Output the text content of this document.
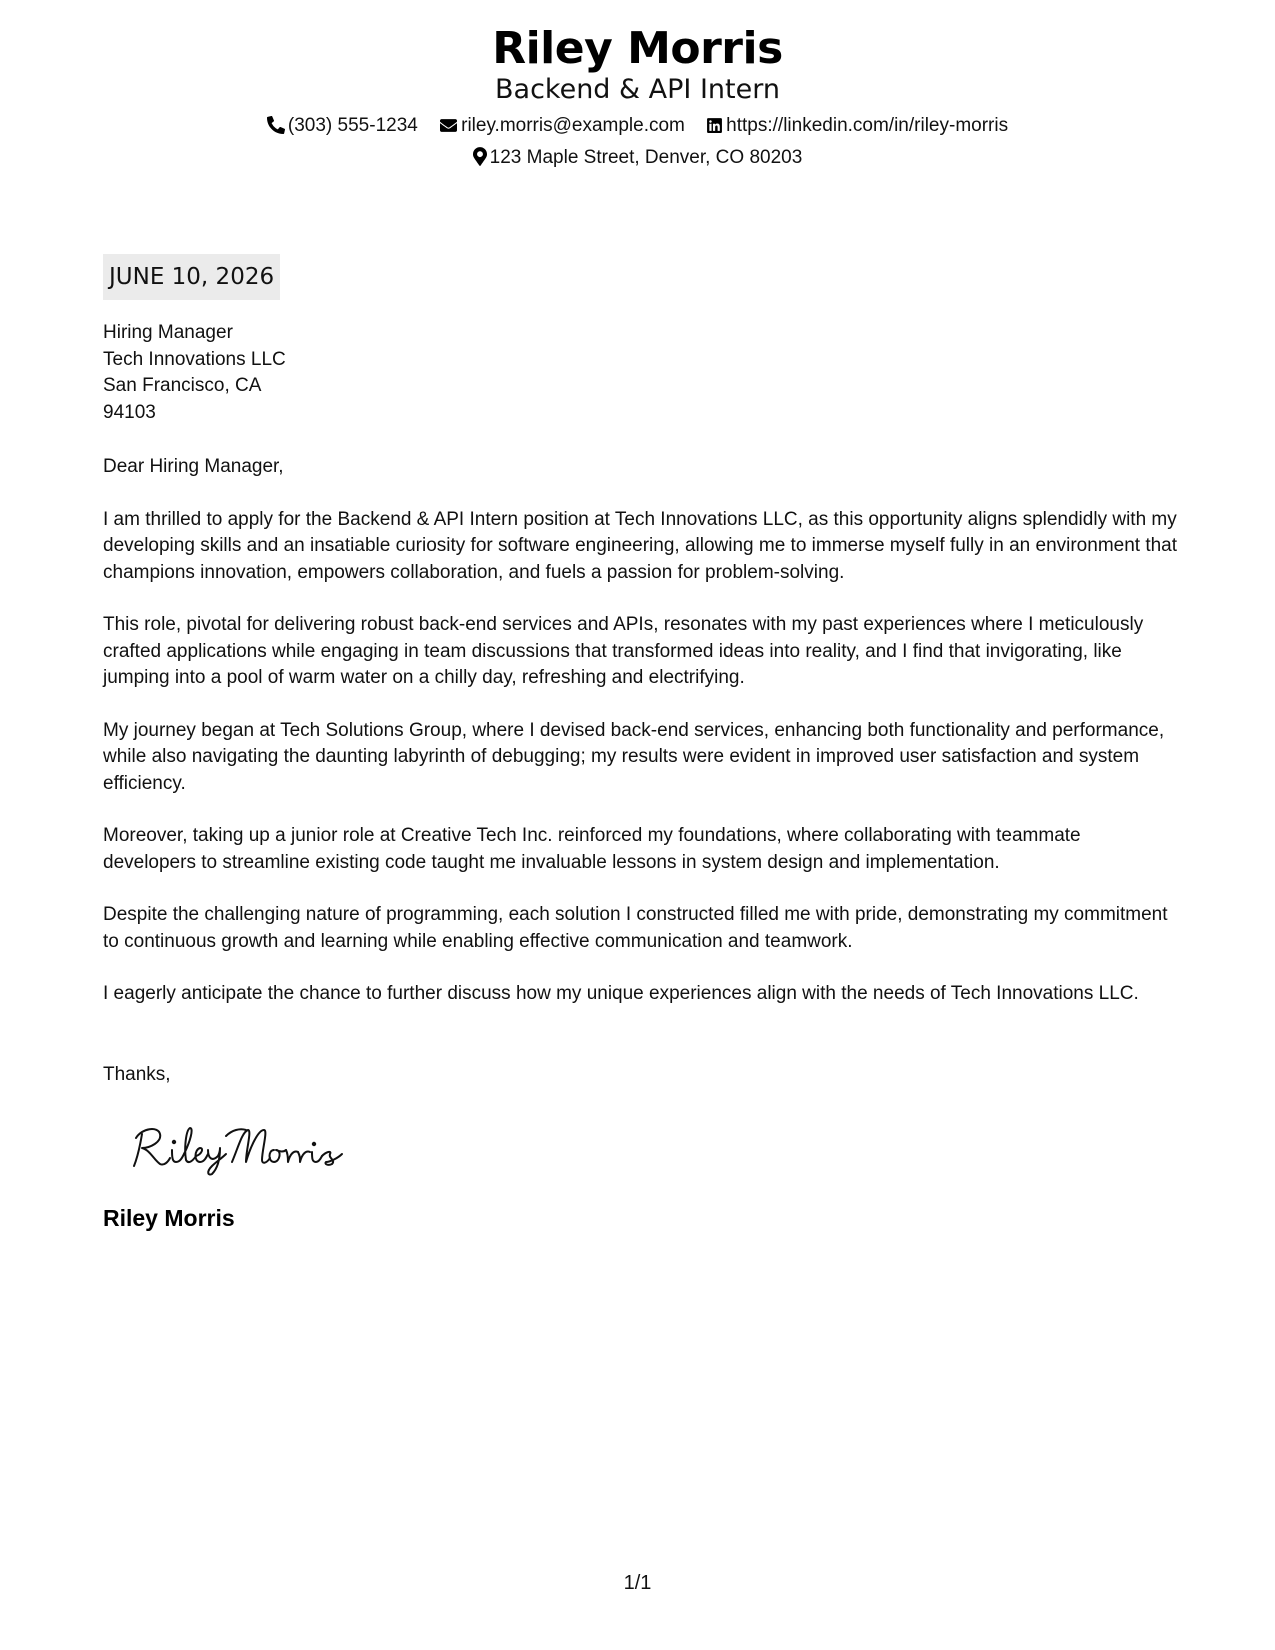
Riley Morris
Backend & API Intern
(303) 555-1234 riley.morris@example.com https://linkedin.com/in/riley-morris
123 Maple Street, Denver, CO 80203
JUNE 10, 2026
Hiring Manager
Tech Innovations LLC
San Francisco, CA
94103

Dear Hiring Manager,

I am thrilled to apply for the Backend & API Intern position at Tech Innovations LLC, as this opportunity aligns splendidly with my developing skills and an insatiable curiosity for software engineering, allowing me to immerse myself fully in an environment that champions innovation, empowers collaboration, and fuels a passion for problem-solving.

This role, pivotal for delivering robust back-end services and APIs, resonates with my past experiences where I meticulously crafted applications while engaging in team discussions that transformed ideas into reality, and I find that invigorating, like jumping into a pool of warm water on a chilly day, refreshing and electrifying.

My journey began at Tech Solutions Group, where I devised back-end services, enhancing both functionality and performance, while also navigating the daunting labyrinth of debugging; my results were evident in improved user satisfaction and system efficiency.

Moreover, taking up a junior role at Creative Tech Inc. reinforced my foundations, where collaborating with teammate developers to streamline existing code taught me invaluable lessons in system design and implementation.

Despite the challenging nature of programming, each solution I constructed filled me with pride, demonstrating my commitment to continuous growth and learning while enabling effective communication and teamwork.

I eagerly anticipate the chance to further discuss how my unique experiences align with the needs of Tech Innovations LLC.

Thanks,
Riley Morris
1/1
